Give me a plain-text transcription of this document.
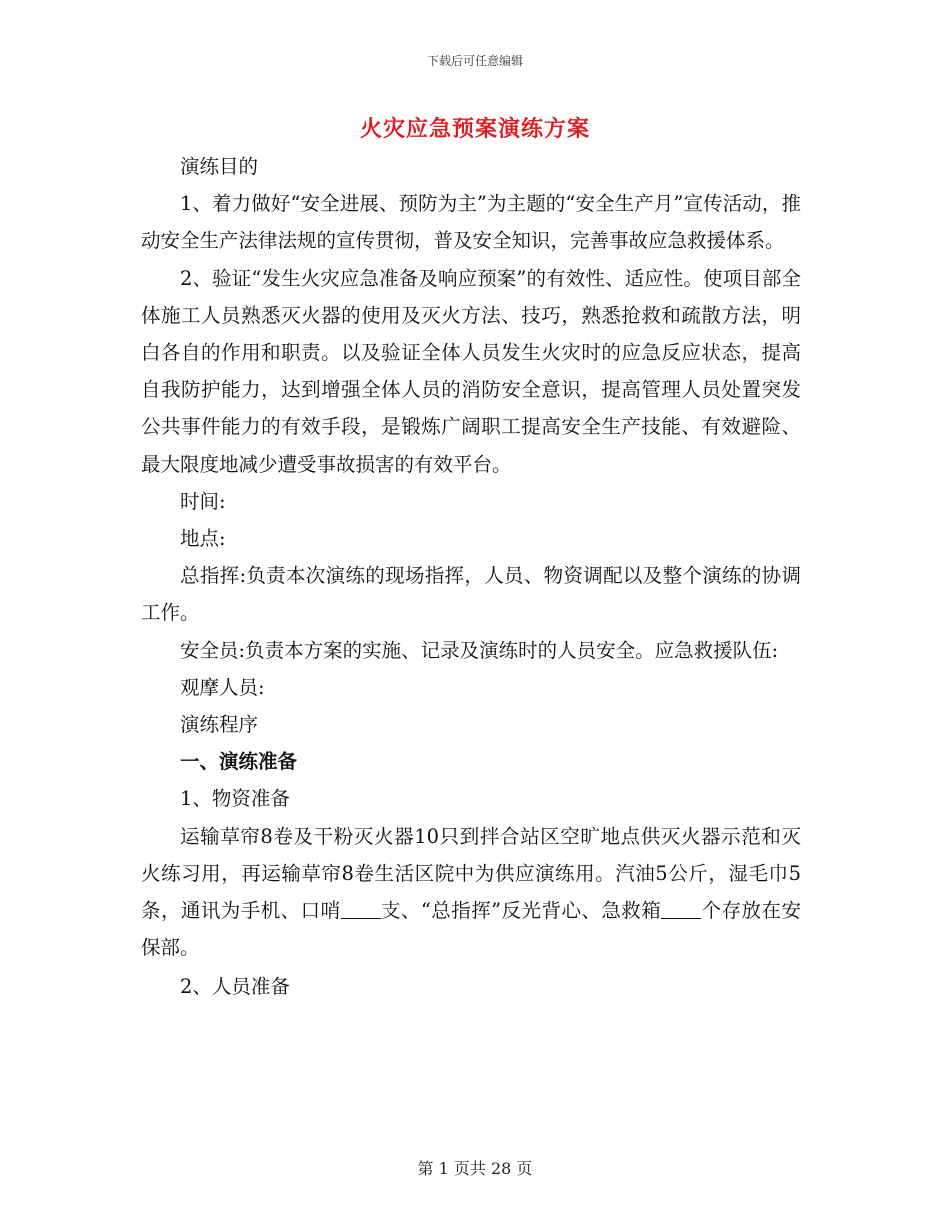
下载后可任意编辑
火灾应急预案演练方案

演练目的

1、着力做好“安全进展、预防为主”为主题的“安全生产月”宣传活动，推动安全生产法律法规的宣传贯彻，普及安全知识，完善事故应急救援体系。

2、验证“发生火灾应急准备及响应预案”的有效性、适应性。使项目部全体施工人员熟悉灭火器的使用及灭火方法、技巧，熟悉抢救和疏散方法，明白各自的作用和职责。以及验证全体人员发生火灾时的应急反应状态，提高自我防护能力，达到增强全体人员的消防安全意识，提高管理人员处置突发公共事件能力的有效手段，是锻炼广阔职工提高安全生产技能、有效避险、最大限度地减少遭受事故损害的有效平台。

时间:

地点:

总指挥:负责本次演练的现场指挥，人员、物资调配以及整个演练的协调工作。

安全员:负责本方案的实施、记录及演练时的人员安全。应急救援队伍:

观摩人员:

演练程序

一、演练准备

1、物资准备

运输草帘8卷及干粉灭火器10只到拌合站区空旷地点供灭火器示范和灭火练习用，再运输草帘8卷生活区院中为供应演练用。汽油5公斤，湿毛巾5条，通讯为手机、口哨 支、“总指挥”反光背心、急救箱 个存放在安保部。

2、人员准备

第 1 页共 28 页
